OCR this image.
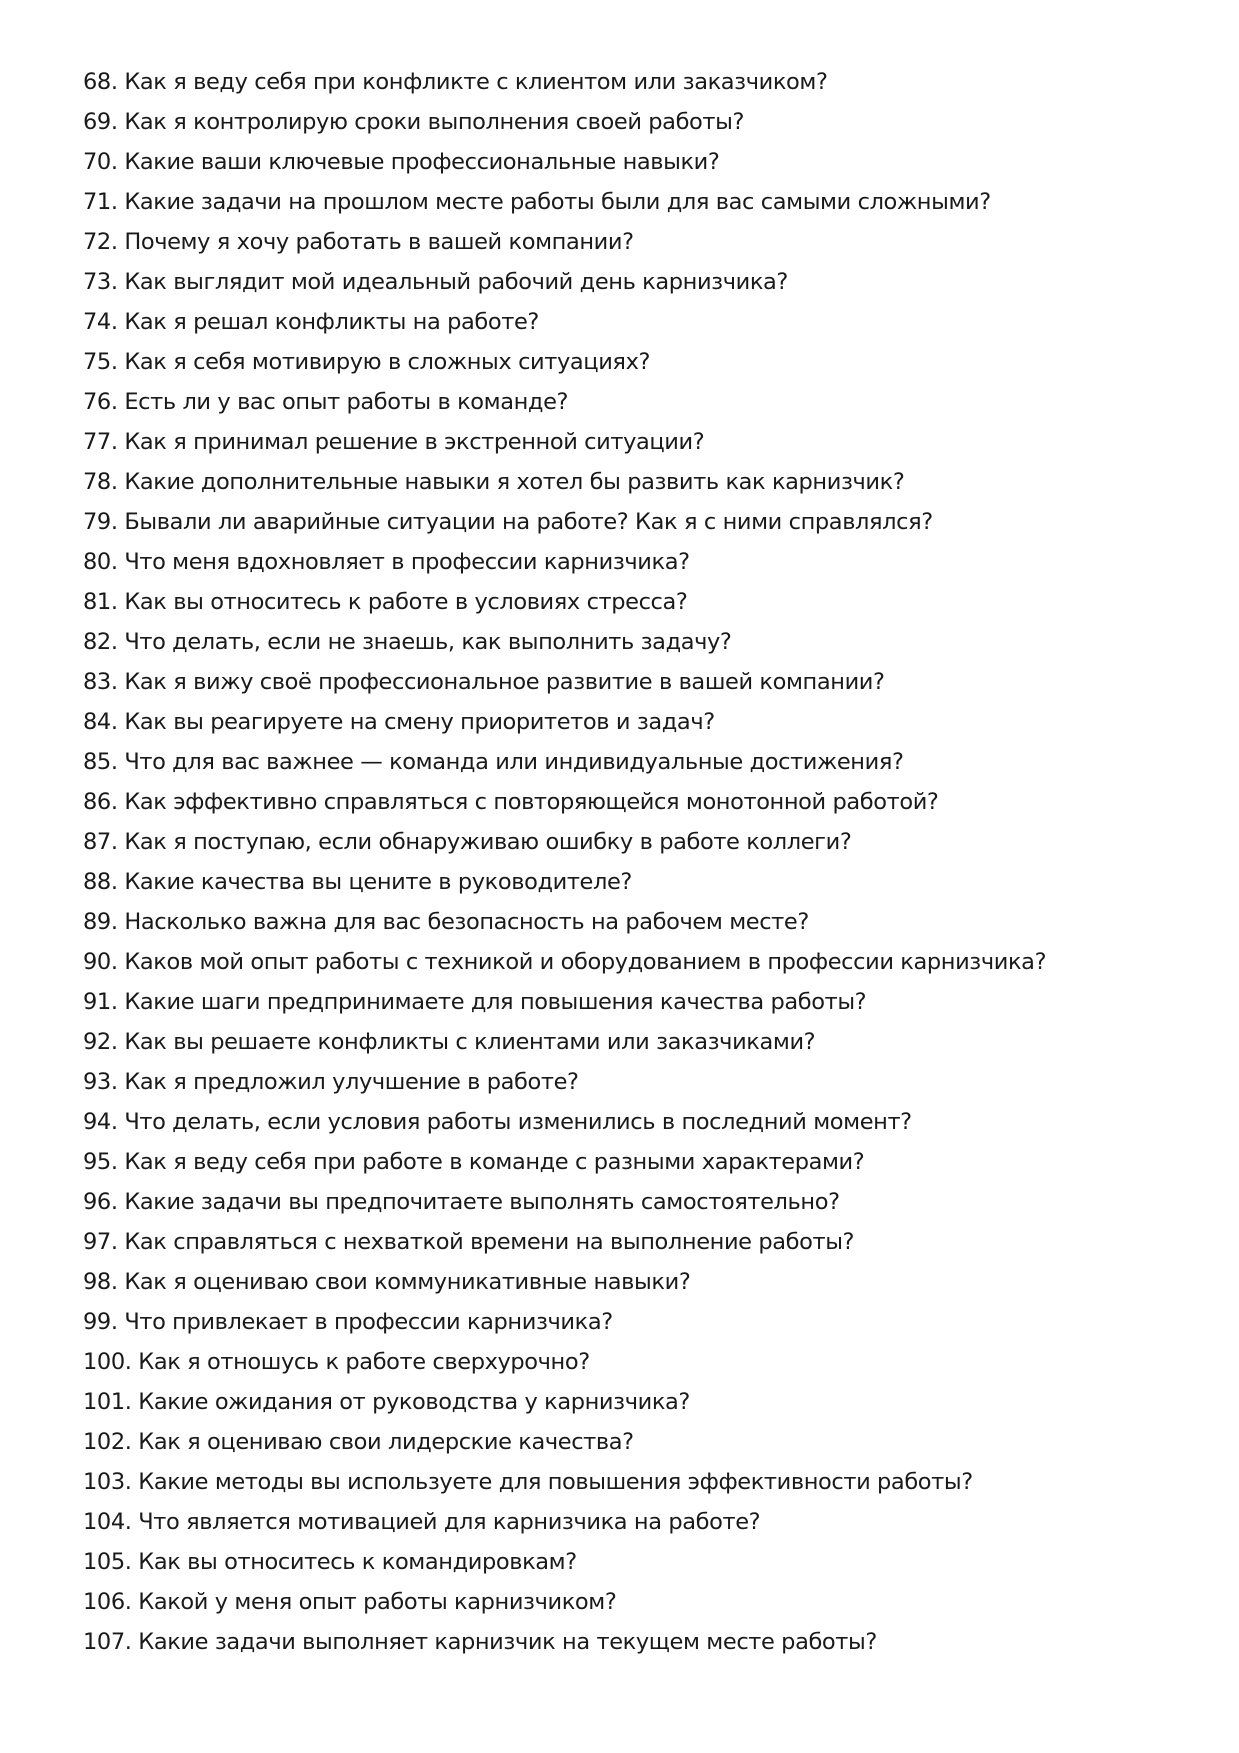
68. Как я веду себя при конфликте с клиентом или заказчиком?
69. Как я контролирую сроки выполнения своей работы?
70. Какие ваши ключевые профессиональные навыки?
71. Какие задачи на прошлом месте работы были для вас самыми сложными?
72. Почему я хочу работать в вашей компании?
73. Как выглядит мой идеальный рабочий день карнизчика?
74. Как я решал конфликты на работе?
75. Как я себя мотивирую в сложных ситуациях?
76. Есть ли у вас опыт работы в команде?
77. Как я принимал решение в экстренной ситуации?
78. Какие дополнительные навыки я хотел бы развить как карнизчик?
79. Бывали ли аварийные ситуации на работе? Как я с ними справлялся?
80. Что меня вдохновляет в профессии карнизчика?
81. Как вы относитесь к работе в условиях стресса?
82. Что делать, если не знаешь, как выполнить задачу?
83. Как я вижу своё профессиональное развитие в вашей компании?
84. Как вы реагируете на смену приоритетов и задач?
85. Что для вас важнее — команда или индивидуальные достижения?
86. Как эффективно справляться с повторяющейся монотонной работой?
87. Как я поступаю, если обнаруживаю ошибку в работе коллеги?
88. Какие качества вы цените в руководителе?
89. Насколько важна для вас безопасность на рабочем месте?
90. Каков мой опыт работы с техникой и оборудованием в профессии карнизчика?
91. Какие шаги предпринимаете для повышения качества работы?
92. Как вы решаете конфликты с клиентами или заказчиками?
93. Как я предложил улучшение в работе?
94. Что делать, если условия работы изменились в последний момент?
95. Как я веду себя при работе в команде с разными характерами?
96. Какие задачи вы предпочитаете выполнять самостоятельно?
97. Как справляться с нехваткой времени на выполнение работы?
98. Как я оцениваю свои коммуникативные навыки?
99. Что привлекает в профессии карнизчика?
100. Как я отношусь к работе сверхурочно?
101. Какие ожидания от руководства у карнизчика?
102. Как я оцениваю свои лидерские качества?
103. Какие методы вы используете для повышения эффективности работы?
104. Что является мотивацией для карнизчика на работе?
105. Как вы относитесь к командировкам?
106. Какой у меня опыт работы карнизчиком?
107. Какие задачи выполняет карнизчик на текущем месте работы?
